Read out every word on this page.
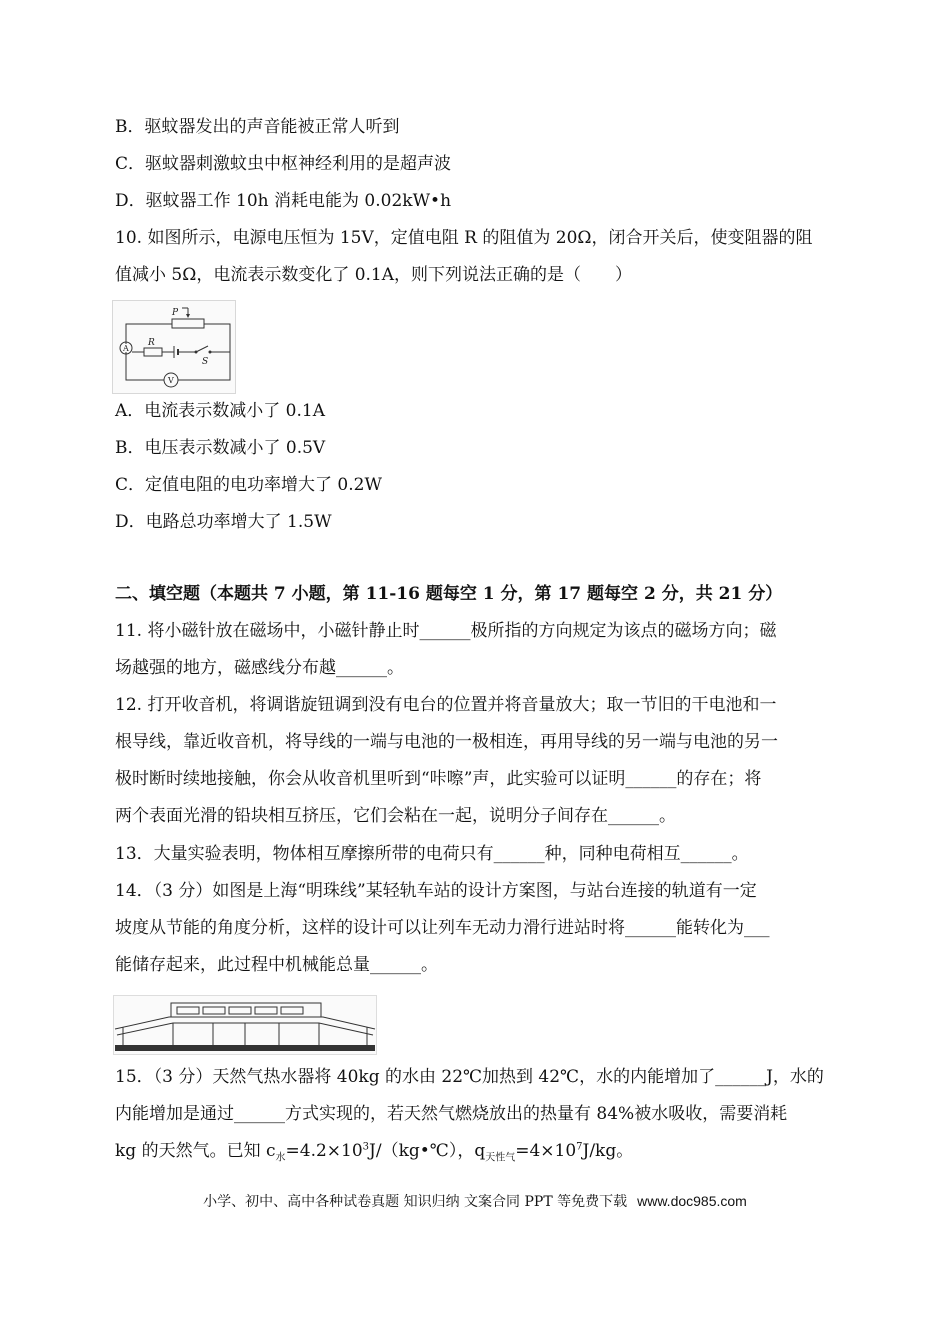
B．驱蚊器发出的声音能被正常人听到
C．驱蚊器刺激蚊虫中枢神经利用的是超声波
D．驱蚊器工作 10h 消耗电能为 0.02kW•h
10. 如图所示，电源电压恒为 15V，定值电阻 R 的阻值为 20Ω，闭合开关后，使变阻器的阻
值减小 5Ω，电流表示数变化了 0.1A，则下列说法正确的是（　　）
P
A
R
S
V
A．电流表示数减小了 0.1A
B．电压表示数减小了 0.5V
C．定值电阻的电功率增大了 0.2W
D．电路总功率增大了 1.5W
二、填空题（本题共 7 小题，第 11-16 题每空 1 分，第 17 题每空 2 分，共 21 分）
11. 将小磁针放在磁场中，小磁针静止时______极所指的方向规定为该点的磁场方向；磁
场越强的地方，磁感线分布越______。
12. 打开收音机，将调谐旋钮调到没有电台的位置并将音量放大；取一节旧的干电池和一
根导线，靠近收音机，将导线的一端与电池的一极相连，再用导线的另一端与电池的另一
极时断时续地接触，你会从收音机里听到“咔嚓”声，此实验可以证明______的存在；将
两个表面光滑的铅块相互挤压，它们会粘在一起，说明分子间存在______。
13．大量实验表明，物体相互摩擦所带的电荷只有______种，同种电荷相互______。
14．（3 分）如图是上海“明珠线”某轻轨车站的设计方案图，与站台连接的轨道有一定
坡度从节能的角度分析，这样的设计可以让列车无动力滑行进站时将______能转化为___
能储存起来，此过程中机械能总量______。
15．（3 分）天然气热水器将 40kg 的水由 22℃加热到 42℃，水的内能增加了______J，水的
内能增加是通过______方式实现的，若天然气燃烧放出的热量有 84%被水吸收，需要消耗
kg 的天然气。已知 $c_水=4.2\times 10^3J/(kg•℃)$，$q_{天性气}=4\times 10^7J/kg$。
小学、初中、高中各种试卷真题 知识归纳 文案合同 PPT 等免费下载 www.doc985.com
